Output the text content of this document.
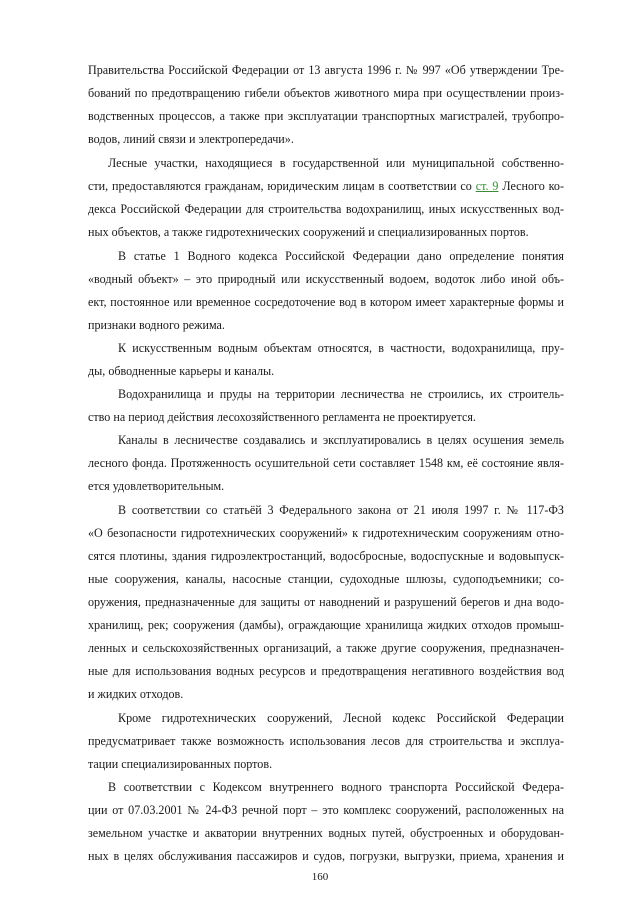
Правительства Российской Федерации от 13 августа 1996 г. № 997 «Об утверждении Тре-
бований по предотвращению гибели объектов животного мира при осуществлении произ-
водственных процессов, а также при эксплуатации транспортных магистралей, трубопро-
водов, линий связи и электропередачи».
Лесные участки, находящиеся в государственной или муниципальной собственно-
сти, предоставляются гражданам, юридическим лицам в соответствии со ст. 9 Лесного ко-
декса Российской Федерации для строительства водохранилищ, иных искусственных вод-
ных объектов, а также гидротехнических сооружений и специализированных портов.
В статье 1 Водного кодекса Российской Федерации дано определение понятия
«водный объект» – это природный или искусственный водоем, водоток либо иной объ-
ект, постоянное или временное сосредоточение вод в котором имеет характерные формы и
признаки водного режима.
К искусственным водным объектам относятся, в частности, водохранилища, пру-
ды, обводненные карьеры и каналы.
Водохранилища и пруды на территории лесничества не строились, их строитель-
ство на период действия лесохозяйственного регламента не проектируется.
Каналы в лесничестве создавались и эксплуатировались в целях осушения земель
лесного фонда. Протяженность осушительной сети составляет 1548 км, её состояние явля-
ется удовлетворительным.
В соответствии со статьёй 3 Федерального закона от 21 июля 1997 г. № 117-ФЗ
«О безопасности гидротехнических сооружений» к гидротехническим сооружениям отно-
сятся плотины, здания гидроэлектростанций, водосбросные, водоспускные и водовыпуск-
ные сооружения, каналы, насосные станции, судоходные шлюзы, судоподъемники; со-
оружения, предназначенные для защиты от наводнений и разрушений берегов и дна водо-
хранилищ, рек; сооружения (дамбы), ограждающие хранилища жидких отходов промыш-
ленных и сельскохозяйственных организаций, а также другие сооружения, предназначен-
ные для использования водных ресурсов и предотвращения негативного воздействия вод
и жидких отходов.
Кроме гидротехнических сооружений, Лесной кодекс Российской Федерации
предусматривает также возможность использования лесов для строительства и эксплуа-
тации специализированных портов.
В соответствии с Кодексом внутреннего водного транспорта Российской Федера-
ции от 07.03.2001 № 24-ФЗ речной порт – это комплекс сооружений, расположенных на
земельном участке и акватории внутренних водных путей, обустроенных и оборудован-
ных в целях обслуживания пассажиров и судов, погрузки, выгрузки, приема, хранения и
160
